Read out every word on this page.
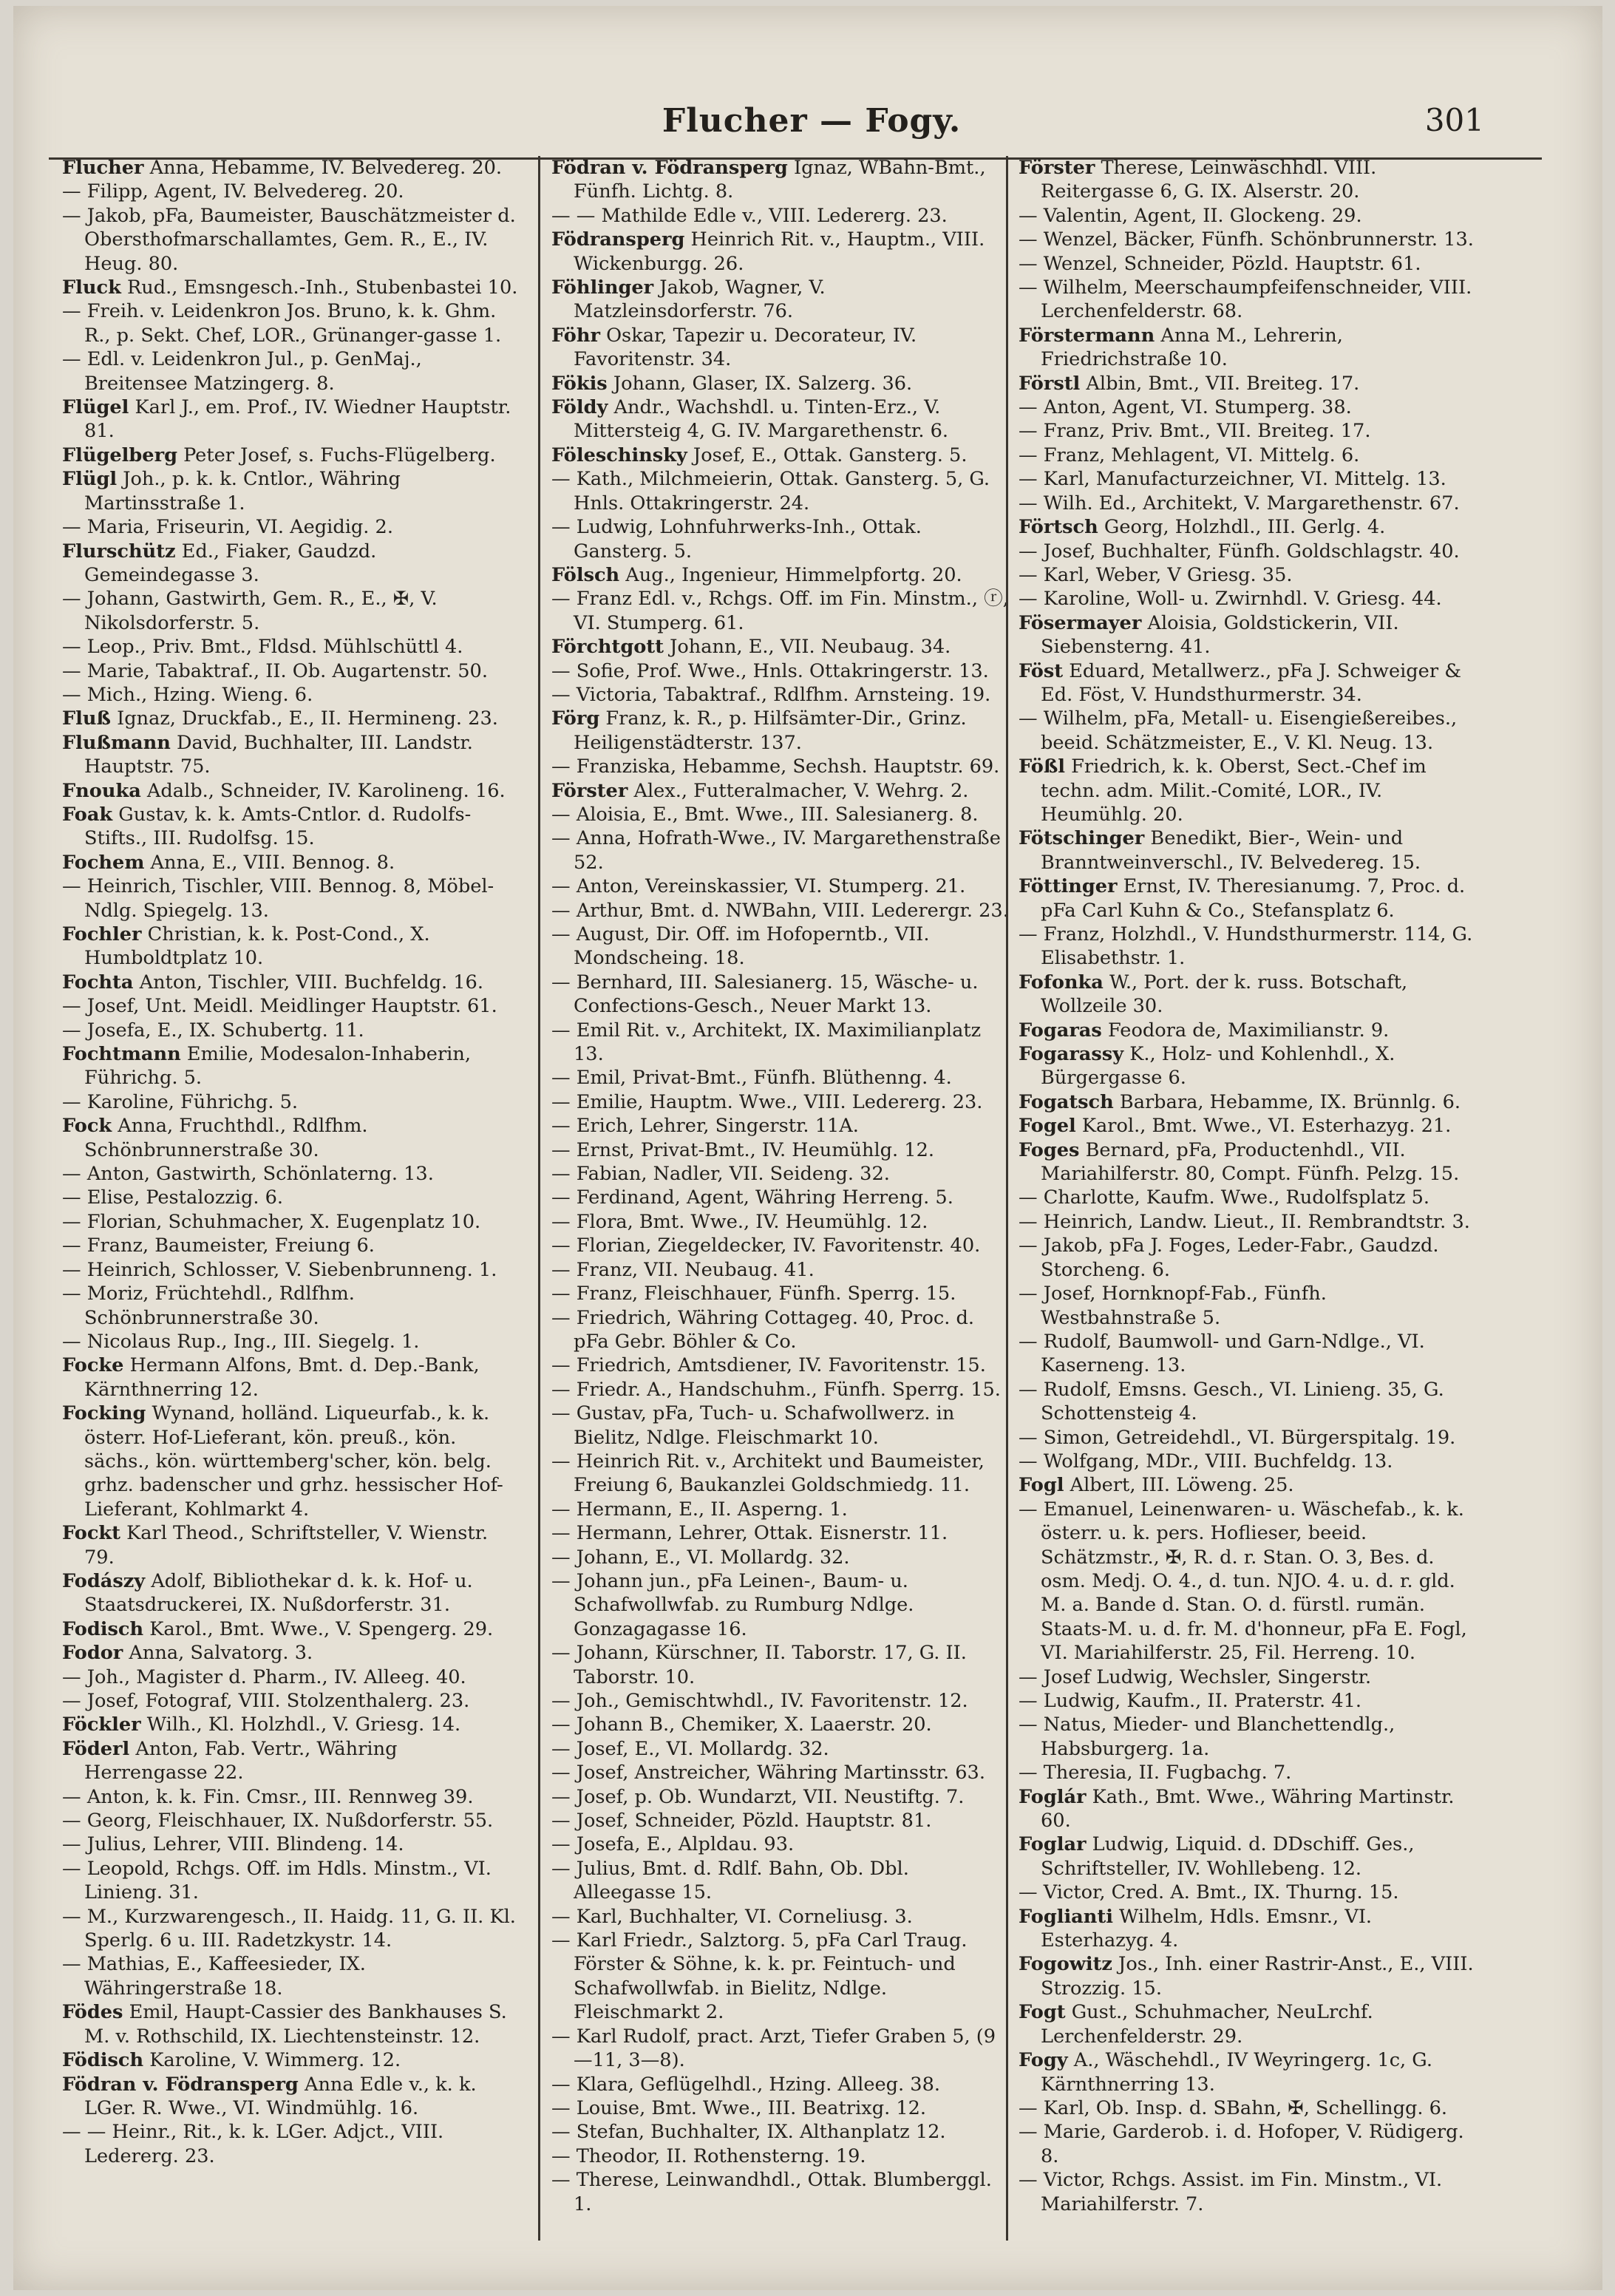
Flucher — Fogy.	301
Flucher Anna, Hebamme, IV. Belvedereg. 20.
— Filipp, Agent, IV. Belvedereg. 20.
— Jakob, pFa, Baumeister, Bauschätzmeister d. Obersthofmarschallamtes, Gem. R., E., IV. Heug. 80.
Fluck Rud., Emsngesch.-Inh., Stubenbastei 10.
— Freih. v. Leidenkron Jos. Bruno, k. k. Ghm. R., p. Sekt. Chef, LOR., Grünanger-gasse 1.
— Edl. v. Leidenkron Jul., p. GenMaj., Breitensee Matzingerg. 8.
Flügel Karl J., em. Prof., IV. Wiedner Hauptstr. 81.
Flügelberg Peter Josef, s. Fuchs-Flügelberg.
Flügl Joh., p. k. k. Cntlor., Währing Martinsstraße 1.
— Maria, Friseurin, VI. Aegidig. 2.
Flurschütz Ed., Fiaker, Gaudzd. Gemeindegasse 3.
— Johann, Gastwirth, Gem. R., E., ✠, V. Nikolsdorferstr. 5.
— Leop., Priv. Bmt., Fldsd. Mühlschüttl 4.
— Marie, Tabaktraf., II. Ob. Augartenstr. 50.
— Mich., Hzing. Wieng. 6.
Fluß Ignaz, Druckfab., E., II. Hermineng. 23.
Flußmann David, Buchhalter, III. Landstr. Hauptstr. 75.
Fnouka Adalb., Schneider, IV. Karolineng. 16.
Foak Gustav, k. k. Amts-Cntlor. d. Rudolfs-Stifts., III. Rudolfsg. 15.
Fochem Anna, E., VIII. Bennog. 8.
— Heinrich, Tischler, VIII. Bennog. 8, Möbel-Ndlg. Spiegelg. 13.
Fochler Christian, k. k. Post-Cond., X. Humboldtplatz 10.
Fochta Anton, Tischler, VIII. Buchfeldg. 16.
— Josef, Unt. Meidl. Meidlinger Hauptstr. 61.
— Josefa, E., IX. Schubertg. 11.
Fochtmann Emilie, Modesalon-Inhaberin, Führichg. 5.
— Karoline, Führichg. 5.
Fock Anna, Fruchthdl., Rdlfhm. Schönbrunnerstraße 30.
— Anton, Gastwirth, Schönlaterng. 13.
— Elise, Pestalozzig. 6.
— Florian, Schuhmacher, X. Eugenplatz 10.
— Franz, Baumeister, Freiung 6.
— Heinrich, Schlosser, V. Siebenbrunneng. 1.
— Moriz, Früchtehdl., Rdlfhm. Schönbrunnerstraße 30.
— Nicolaus Rup., Ing., III. Siegelg. 1.
Focke Hermann Alfons, Bmt. d. Dep.-Bank, Kärnthnerring 12.
Focking Wynand, holländ. Liqueurfab., k. k. österr. Hof-Lieferant, kön. preuß., kön. sächs., kön. württemberg'scher, kön. belg. grhz. badenscher und grhz. hessischer Hof-Lieferant, Kohlmarkt 4.
Fockt Karl Theod., Schriftsteller, V. Wienstr. 79.
Fodászy Adolf, Bibliothekar d. k. k. Hof- u. Staatsdruckerei, IX. Nußdorferstr. 31.
Fodisch Karol., Bmt. Wwe., V. Spengerg. 29.
Fodor Anna, Salvatorg. 3.
— Joh., Magister d. Pharm., IV. Alleeg. 40.
— Josef, Fotograf, VIII. Stolzenthalerg. 23.
Föckler Wilh., Kl. Holzhdl., V. Griesg. 14.
Föderl Anton, Fab. Vertr., Währing Herrengasse 22.
— Anton, k. k. Fin. Cmsr., III. Rennweg 39.
— Georg, Fleischhauer, IX. Nußdorferstr. 55.
— Julius, Lehrer, VIII. Blindeng. 14.
— Leopold, Rchgs. Off. im Hdls. Minstm., VI. Linieng. 31.
— M., Kurzwarengesch., II. Haidg. 11, G. II. Kl. Sperlg. 6 u. III. Radetzkystr. 14.
— Mathias, E., Kaffeesieder, IX. Währingerstraße 18.
Födes Emil, Haupt-Cassier des Bankhauses S. M. v. Rothschild, IX. Liechtensteinstr. 12.
Födisch Karoline, V. Wimmerg. 12.
Födran v. Födransperg Anna Edle v., k. k. LGer. R. Wwe., VI. Windmühlg. 16.
— — Heinr., Rit., k. k. LGer. Adjct., VIII. Ledererg. 23.
Födran v. Födransperg Ignaz, WBahn-Bmt., Fünfh. Lichtg. 8.
— — Mathilde Edle v., VIII. Ledererg. 23.
Födransperg Heinrich Rit. v., Hauptm., VIII. Wickenburgg. 26.
Föhlinger Jakob, Wagner, V. Matzleinsdorferstr. 76.
Föhr Oskar, Tapezir u. Decorateur, IV. Favoritenstr. 34.
Fökis Johann, Glaser, IX. Salzerg. 36.
Földy Andr., Wachshdl. u. Tinten-Erz., V. Mittersteig 4, G. IV. Margarethenstr. 6.
Föleschinsky Josef, E., Ottak. Gansterg. 5.
— Kath., Milchmeierin, Ottak. Gansterg. 5, G. Hnls. Ottakringerstr. 24.
— Ludwig, Lohnfuhrwerks-Inh., Ottak. Gansterg. 5.
Fölsch Aug., Ingenieur, Himmelpfortg. 20.
— Franz Edl. v., Rchgs. Off. im Fin. Minstm., ⓡ, VI. Stumperg. 61.
Förchtgott Johann, E., VII. Neubaug. 34.
— Sofie, Prof. Wwe., Hnls. Ottakringerstr. 13.
— Victoria, Tabaktraf., Rdlfhm. Arnsteing. 19.
Förg Franz, k. R., p. Hilfsämter-Dir., Grinz. Heiligenstädterstr. 137.
— Franziska, Hebamme, Sechsh. Hauptstr. 69.
Förster Alex., Futteralmacher, V. Wehrg. 2.
— Aloisia, E., Bmt. Wwe., III. Salesianerg. 8.
— Anna, Hofrath-Wwe., IV. Margarethenstraße 52.
— Anton, Vereinskassier, VI. Stumperg. 21.
— Arthur, Bmt. d. NWBahn, VIII. Lederergr. 23.
— August, Dir. Off. im Hofoperntb., VII. Mondscheing. 18.
— Bernhard, III. Salesianerg. 15, Wäsche- u. Confections-Gesch., Neuer Markt 13.
— Emil Rit. v., Architekt, IX. Maximilianplatz 13.
— Emil, Privat-Bmt., Fünfh. Blüthenng. 4.
— Emilie, Hauptm. Wwe., VIII. Ledererg. 23.
— Erich, Lehrer, Singerstr. 11A.
— Ernst, Privat-Bmt., IV. Heumühlg. 12.
— Fabian, Nadler, VII. Seideng. 32.
— Ferdinand, Agent, Währing Herreng. 5.
— Flora, Bmt. Wwe., IV. Heumühlg. 12.
— Florian, Ziegeldecker, IV. Favoritenstr. 40.
— Franz, VII. Neubaug. 41.
— Franz, Fleischhauer, Fünfh. Sperrg. 15.
— Friedrich, Währing Cottageg. 40, Proc. d. pFa Gebr. Böhler & Co.
— Friedrich, Amtsdiener, IV. Favoritenstr. 15.
— Friedr. A., Handschuhm., Fünfh. Sperrg. 15.
— Gustav, pFa, Tuch- u. Schafwollwerz. in Bielitz, Ndlge. Fleischmarkt 10.
— Heinrich Rit. v., Architekt und Baumeister, Freiung 6, Baukanzlei Goldschmiedg. 11.
— Hermann, E., II. Asperng. 1.
— Hermann, Lehrer, Ottak. Eisnerstr. 11.
— Johann, E., VI. Mollardg. 32.
— Johann jun., pFa Leinen-, Baum- u. Schafwollwfab. zu Rumburg Ndlge. Gonzagagasse 16.
— Johann, Kürschner, II. Taborstr. 17, G. II. Taborstr. 10.
— Joh., Gemischtwhdl., IV. Favoritenstr. 12.
— Johann B., Chemiker, X. Laaerstr. 20.
— Josef, E., VI. Mollardg. 32.
— Josef, Anstreicher, Währing Martinsstr. 63.
— Josef, p. Ob. Wundarzt, VII. Neustiftg. 7.
— Josef, Schneider, Pözld. Hauptstr. 81.
— Josefa, E., Alpldau. 93.
— Julius, Bmt. d. Rdlf. Bahn, Ob. Dbl. Alleegasse 15.
— Karl, Buchhalter, VI. Corneliusg. 3.
— Karl Friedr., Salztorg. 5, pFa Carl Traug. Förster & Söhne, k. k. pr. Feintuch- und Schafwollwfab. in Bielitz, Ndlge. Fleischmarkt 2.
— Karl Rudolf, pract. Arzt, Tiefer Graben 5, (9—11, 3—8).
— Klara, Geflügelhdl., Hzing. Alleeg. 38.
— Louise, Bmt. Wwe., III. Beatrixg. 12.
— Stefan, Buchhalter, IX. Althanplatz 12.
— Theodor, II. Rothensterng. 19.
— Therese, Leinwandhdl., Ottak. Blumberggl. 1.
Förster Therese, Leinwäschhdl. VIII. Reitergasse 6, G. IX. Alserstr. 20.
— Valentin, Agent, II. Glockeng. 29.
— Wenzel, Bäcker, Fünfh. Schönbrunnerstr. 13.
— Wenzel, Schneider, Pözld. Hauptstr. 61.
— Wilhelm, Meerschaumpfeifenschneider, VIII. Lerchenfelderstr. 68.
Förstermann Anna M., Lehrerin, Friedrichstraße 10.
Förstl Albin, Bmt., VII. Breiteg. 17.
— Anton, Agent, VI. Stumperg. 38.
— Franz, Priv. Bmt., VII. Breiteg. 17.
— Franz, Mehlagent, VI. Mittelg. 6.
— Karl, Manufacturzeichner, VI. Mittelg. 13.
— Wilh. Ed., Architekt, V. Margarethenstr. 67.
Förtsch Georg, Holzhdl., III. Gerlg. 4.
— Josef, Buchhalter, Fünfh. Goldschlagstr. 40.
— Karl, Weber, V Griesg. 35.
— Karoline, Woll- u. Zwirnhdl. V. Griesg. 44.
Fösermayer Aloisia, Goldstickerin, VII. Siebensterng. 41.
Föst Eduard, Metallwerz., pFa J. Schweiger & Ed. Föst, V. Hundsthurmerstr. 34.
— Wilhelm, pFa, Metall- u. Eisengießereibes., beeid. Schätzmeister, E., V. Kl. Neug. 13.
Fößl Friedrich, k. k. Oberst, Sect.-Chef im techn. adm. Milit.-Comité, LOR., IV. Heumühlg. 20.
Fötschinger Benedikt, Bier-, Wein- und Branntweinverschl., IV. Belvedereg. 15.
Föttinger Ernst, IV. Theresianumg. 7, Proc. d. pFa Carl Kuhn & Co., Stefansplatz 6.
— Franz, Holzhdl., V. Hundsthurmerstr. 114, G. Elisabethstr. 1.
Fofonka W., Port. der k. russ. Botschaft, Wollzeile 30.
Fogaras Feodora de, Maximilianstr. 9.
Fogarassy K., Holz- und Kohlenhdl., X. Bürgergasse 6.
Fogatsch Barbara, Hebamme, IX. Brünnlg. 6.
Fogel Karol., Bmt. Wwe., VI. Esterhazyg. 21.
Foges Bernard, pFa, Productenhdl., VII. Mariahilferstr. 80, Compt. Fünfh. Pelzg. 15.
— Charlotte, Kaufm. Wwe., Rudolfsplatz 5.
— Heinrich, Landw. Lieut., II. Rembrandtstr. 3.
— Jakob, pFa J. Foges, Leder-Fabr., Gaudzd. Storcheng. 6.
— Josef, Hornknopf-Fab., Fünfh. Westbahnstraße 5.
— Rudolf, Baumwoll- und Garn-Ndlge., VI. Kaserneng. 13.
— Rudolf, Emsns. Gesch., VI. Linieng. 35, G. Schottensteig 4.
— Simon, Getreidehdl., VI. Bürgerspitalg. 19.
— Wolfgang, MDr., VIII. Buchfeldg. 13.
Fogl Albert, III. Löweng. 25.
— Emanuel, Leinenwaren- u. Wäschefab., k. k. österr. u. k. pers. Hoflieser, beeid. Schätzmstr., ✠, R. d. r. Stan. O. 3, Bes. d. osm. Medj. O. 4., d. tun. NJO. 4. u. d. r. gld. M. a. Bande d. Stan. O. d. fürstl. rumän. Staats-M. u. d. fr. M. d'honneur, pFa E. Fogl, VI. Mariahilferstr. 25, Fil. Herreng. 10.
— Josef Ludwig, Wechsler, Singerstr.
— Ludwig, Kaufm., II. Praterstr. 41.
— Natus, Mieder- und Blanchettendlg., Habsburgerg. 1a.
— Theresia, II. Fugbachg. 7.
Foglár Kath., Bmt. Wwe., Währing Martinstr. 60.
Foglar Ludwig, Liquid. d. DDschiff. Ges., Schriftsteller, IV. Wohllebeng. 12.
— Victor, Cred. A. Bmt., IX. Thurng. 15.
Foglianti Wilhelm, Hdls. Emsnr., VI. Esterhazyg. 4.
Fogowitz Jos., Inh. einer Rastrir-Anst., E., VIII. Strozzig. 15.
Fogt Gust., Schuhmacher, NeuLrchf. Lerchenfelderstr. 29.
Fogy A., Wäschehdl., IV Weyringerg. 1c, G. Kärnthnerring 13.
— Karl, Ob. Insp. d. SBahn, ✠, Schellingg. 6.
— Marie, Garderob. i. d. Hofoper, V. Rüdigerg. 8.
— Victor, Rchgs. Assist. im Fin. Minstm., VI. Mariahilferstr. 7.
